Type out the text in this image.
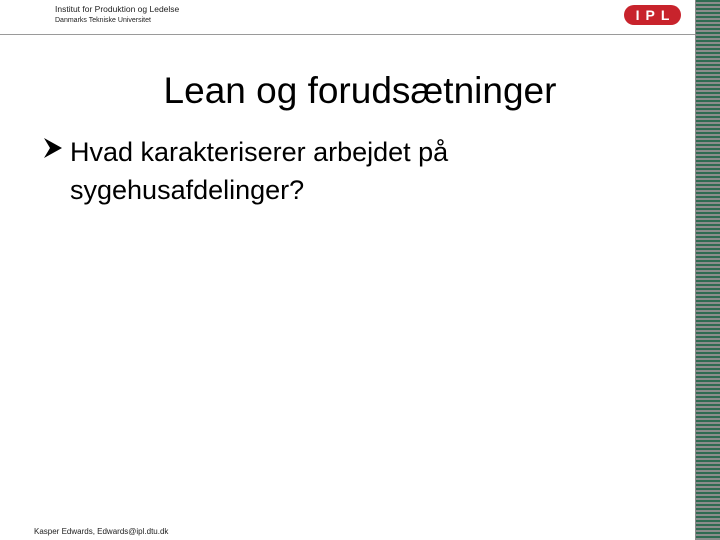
Institut for Produktion og Ledelse
Danmarks Tekniske Universitet	IPL
Lean og forudsætninger
Hvad karakteriserer arbejdet på sygehusafdelinger?
Kasper Edwards, Edwards@ipl.dtu.dk
